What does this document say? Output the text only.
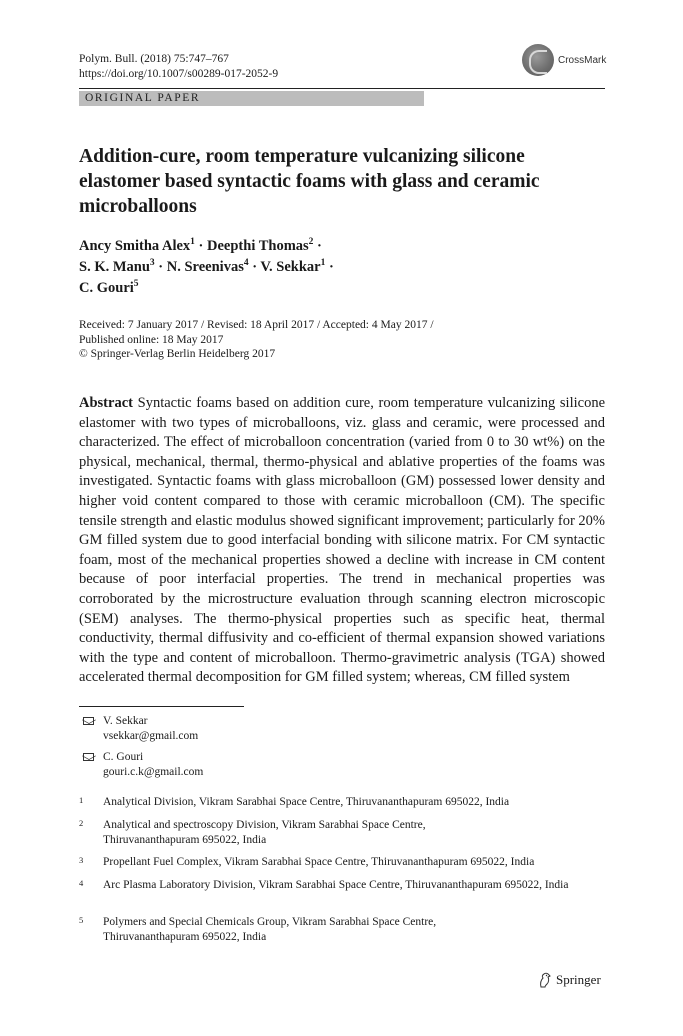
Polym. Bull. (2018) 75:747–767
https://doi.org/10.1007/s00289-017-2052-9
CrossMark
ORIGINAL PAPER
Addition-cure, room temperature vulcanizing silicone elastomer based syntactic foams with glass and ceramic microballoons
Ancy Smitha Alex$^1$ · Deepthi Thomas$^2$ ·
S. K. Manu$^3$ · N. Sreenivas$^4$ · V. Sekkar$^1$ ·
C. Gouri$^5$
Received: 7 January 2017 / Revised: 18 April 2017 / Accepted: 4 May 2017 /
Published online: 18 May 2017
© Springer-Verlag Berlin Heidelberg 2017

Abstract Syntactic foams based on addition cure, room temperature vulcanizing silicone elastomer with two types of microballoons, viz. glass and ceramic, were processed and characterized. The effect of microballoon concentration (varied from 0 to 30 wt%) on the physical, mechanical, thermal, thermo-physical and ablative properties of the foams was investigated. Syntactic foams with glass microballoon (GM) possessed lower density and higher void content compared to those with ceramic microballoon (CM). The specific tensile strength and elastic modulus showed significant improvement; particularly for 20% GM filled system due to good interfacial bonding with silicone matrix. For CM syntactic foam, most of the mechanical properties showed a decline with increase in CM content because of poor interfacial properties. The trend in mechanical properties was corroborated by the microstructure evaluation through scanning electron microscopic (SEM) analyses. The thermo-physical properties such as specific heat, thermal conductivity, thermal diffusivity and co-efficient of thermal expansion showed variations with the type and content of microballoon. Thermo-gravimetric analysis (TGA) showed accelerated thermal decomposition for GM filled system; whereas, CM filled system

V. Sekkar
vsekkar@gmail.com
C. Gouri
gouri.c.k@gmail.com
1 Analytical Division, Vikram Sarabhai Space Centre, Thiruvananthapuram 695022, India
2 Analytical and spectroscopy Division, Vikram Sarabhai Space Centre, Thiruvananthapuram 695022, India
3 Propellant Fuel Complex, Vikram Sarabhai Space Centre, Thiruvananthapuram 695022, India
4 Arc Plasma Laboratory Division, Vikram Sarabhai Space Centre, Thiruvananthapuram 695022, India
5 Polymers and Special Chemicals Group, Vikram Sarabhai Space Centre, Thiruvananthapuram 695022, India
Springer
